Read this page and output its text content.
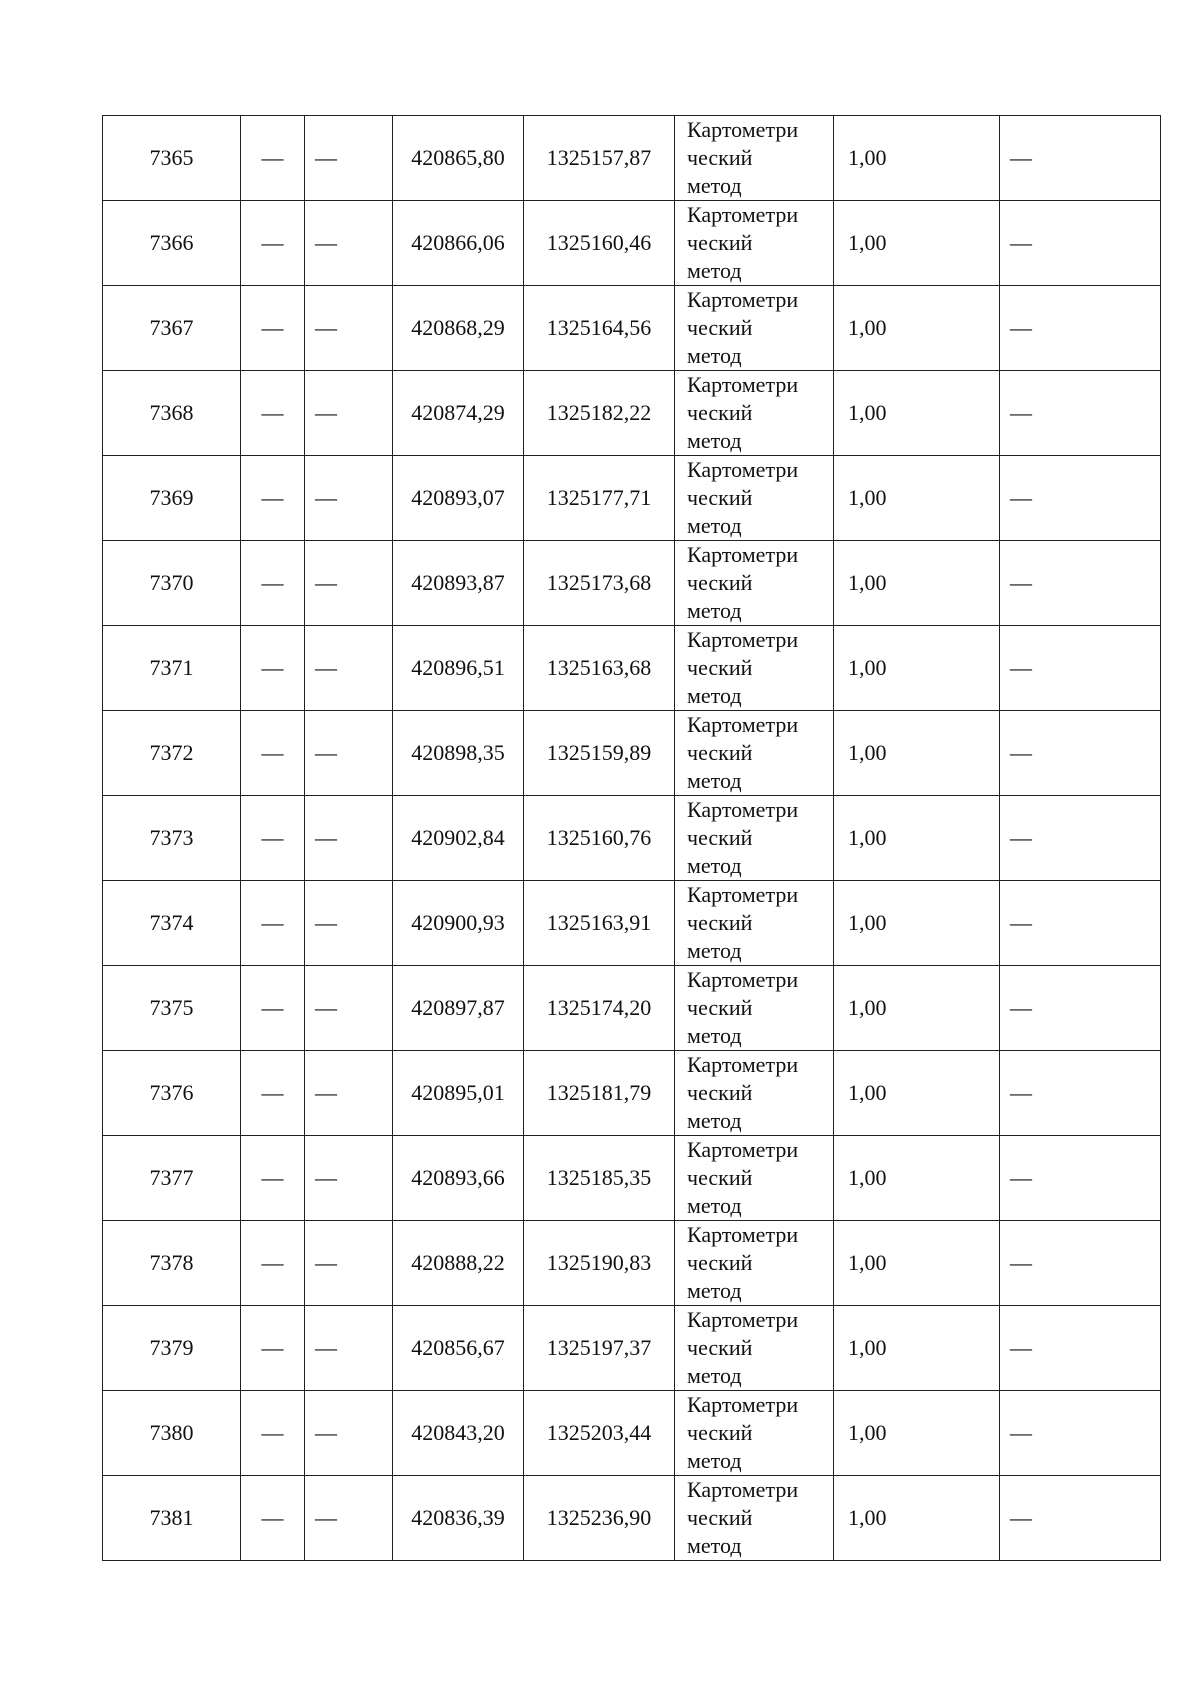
7365	—	—	420865,80	1325157,87	Картометри
ческий
метод	1,00	—
7366	—	—	420866,06	1325160,46	Картометри
ческий
метод	1,00	—
7367	—	—	420868,29	1325164,56	Картометри
ческий
метод	1,00	—
7368	—	—	420874,29	1325182,22	Картометри
ческий
метод	1,00	—
7369	—	—	420893,07	1325177,71	Картометри
ческий
метод	1,00	—
7370	—	—	420893,87	1325173,68	Картометри
ческий
метод	1,00	—
7371	—	—	420896,51	1325163,68	Картометри
ческий
метод	1,00	—
7372	—	—	420898,35	1325159,89	Картометри
ческий
метод	1,00	—
7373	—	—	420902,84	1325160,76	Картометри
ческий
метод	1,00	—
7374	—	—	420900,93	1325163,91	Картометри
ческий
метод	1,00	—
7375	—	—	420897,87	1325174,20	Картометри
ческий
метод	1,00	—
7376	—	—	420895,01	1325181,79	Картометри
ческий
метод	1,00	—
7377	—	—	420893,66	1325185,35	Картометри
ческий
метод	1,00	—
7378	—	—	420888,22	1325190,83	Картометри
ческий
метод	1,00	—
7379	—	—	420856,67	1325197,37	Картометри
ческий
метод	1,00	—
7380	—	—	420843,20	1325203,44	Картометри
ческий
метод	1,00	—
7381	—	—	420836,39	1325236,90	Картометри
ческий
метод	1,00	—
